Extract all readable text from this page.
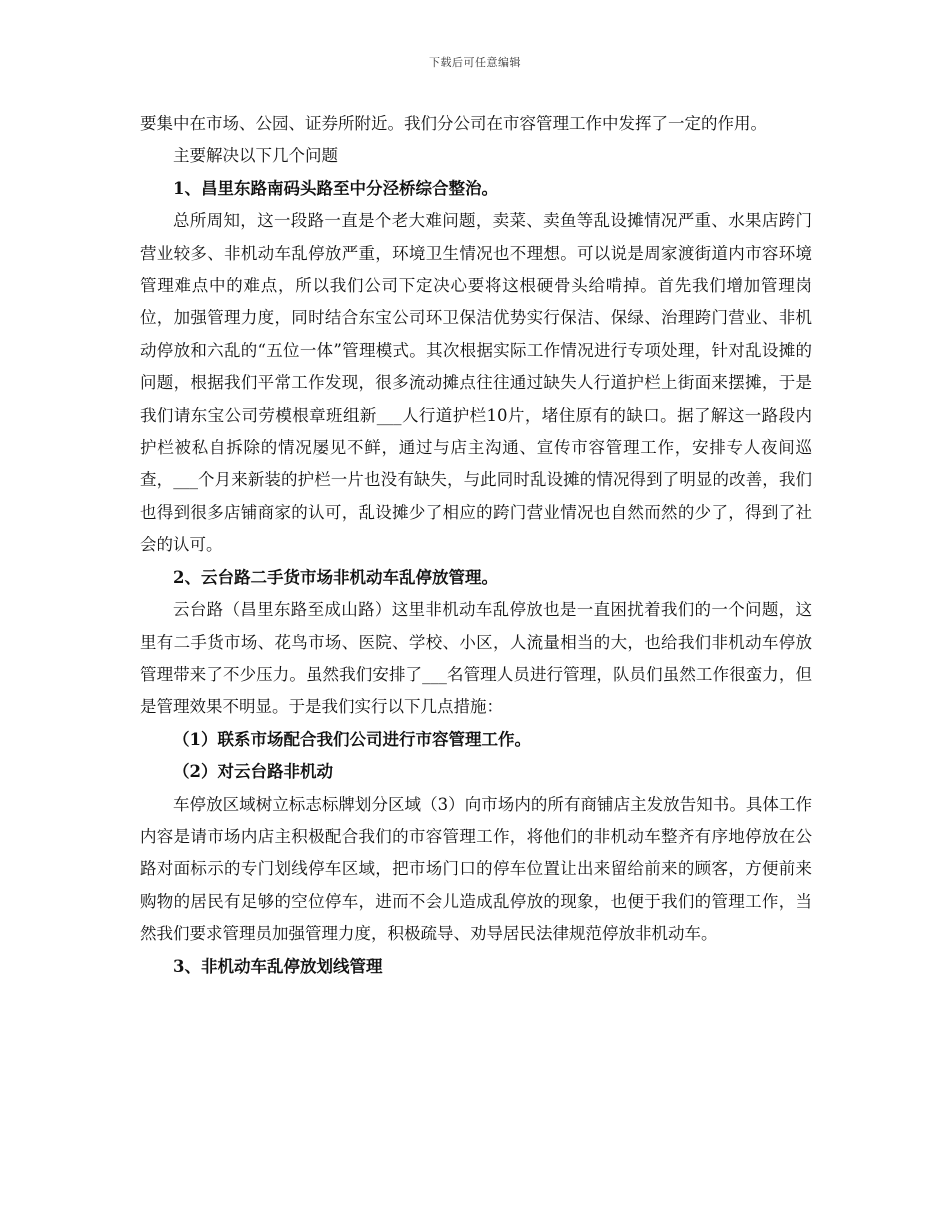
下载后可任意编辑

要集中在市场、公园、证券所附近。我们分公司在市容管理工作中发挥了一定的作用。

主要解决以下几个问题

1、昌里东路南码头路至中分泾桥综合整治。

总所周知，这一段路一直是个老大难问题，卖菜、卖鱼等乱设摊情况严重、水果店跨门营业较多、非机动车乱停放严重，环境卫生情况也不理想。可以说是周家渡街道内市容环境管理难点中的难点，所以我们公司下定决心要将这根硬骨头给啃掉。首先我们增加管理岗位，加强管理力度，同时结合东宝公司环卫保洁优势实行保洁、保绿、治理跨门营业、非机动停放和六乱的“五位一体”管理模式。其次根据实际工作情况进行专项处理，针对乱设摊的问题，根据我们平常工作发现，很多流动摊点往往通过缺失人行道护栏上街面来摆摊，于是我们请东宝公司劳模根章班组新___人行道护栏10片，堵住原有的缺口。据了解这一路段内护栏被私自拆除的情况屡见不鲜，通过与店主沟通、宣传市容管理工作，安排专人夜间巡查，___个月来新装的护栏一片也没有缺失，与此同时乱设摊的情况得到了明显的改善，我们也得到很多店铺商家的认可，乱设摊少了相应的跨门营业情况也自然而然的少了，得到了社会的认可。

2、云台路二手货市场非机动车乱停放管理。

云台路（昌里东路至成山路）这里非机动车乱停放也是一直困扰着我们的一个问题，这里有二手货市场、花鸟市场、医院、学校、小区，人流量相当的大，也给我们非机动车停放管理带来了不少压力。虽然我们安排了___名管理人员进行管理，队员们虽然工作很蛮力，但是管理效果不明显。于是我们实行以下几点措施：

（1）联系市场配合我们公司进行市容管理工作。

（2）对云台路非机动

车停放区域树立标志标牌划分区域（3）向市场内的所有商铺店主发放告知书。具体工作内容是请市场内店主积极配合我们的市容管理工作，将他们的非机动车整齐有序地停放在公路对面标示的专门划线停车区域，把市场门口的停车位置让出来留给前来的顾客，方便前来购物的居民有足够的空位停车，进而不会儿造成乱停放的现象，也便于我们的管理工作，当然我们要求管理员加强管理力度，积极疏导、劝导居民法律规范停放非机动车。

3、非机动车乱停放划线管理
